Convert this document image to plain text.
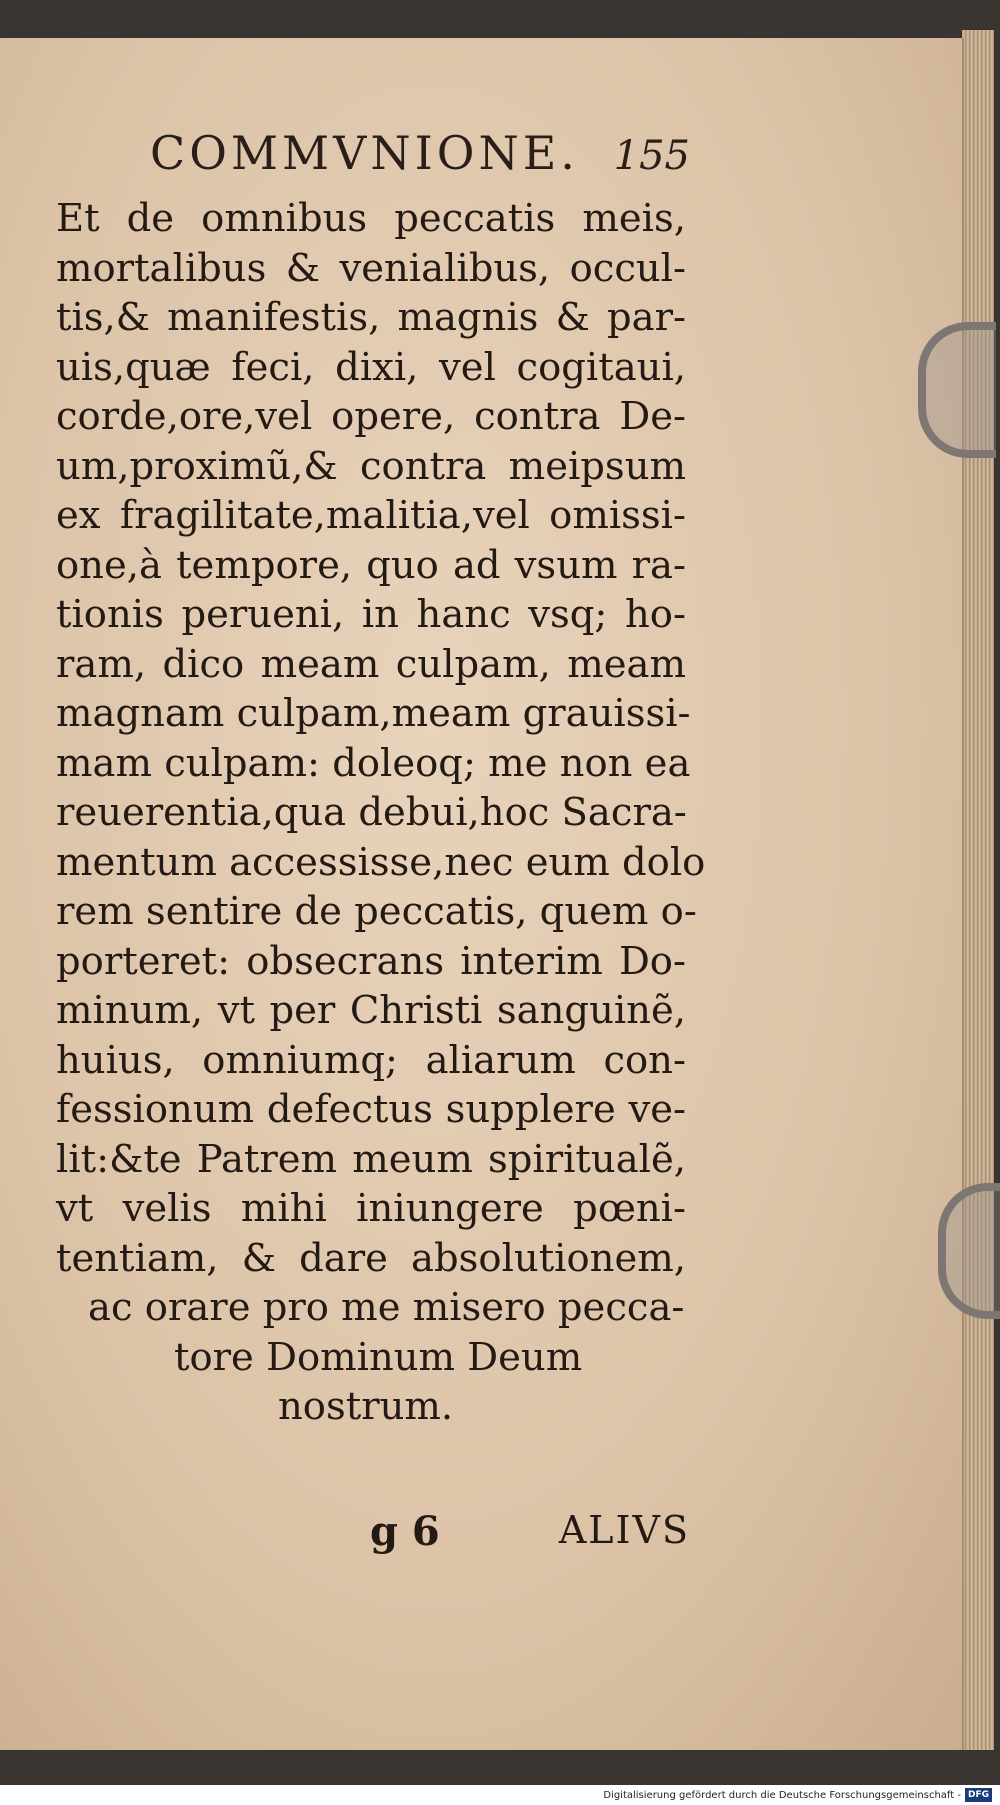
COMMVNIONE. 155
Et de omnibus peccatis meis,
mortalibus & venialibus, occul-
tis,& manifestis, magnis & par-
uis,quæ feci, dixi, vel cogitaui,
corde,ore,vel opere, contra De-
um,proximũ,& contra meipsum
ex fragilitate,malitia,vel omissi-
one,à tempore, quo ad vsum ra-
tionis perueni, in hanc vsq; ho-
ram, dico meam culpam, meam
magnam culpam,meam grauissi-
mam culpam: doleoq; me non ea
reuerentia,qua debui,hoc Sacra-
mentum accessisse,nec eum dolo
rem sentire de peccatis, quem o-
porteret: obsecrans interim Do-
minum, vt per Christi sanguinẽ,
huius, omniumq; aliarum con-
fessionum defectus supplere ve-
lit:&te Patrem meum spiritualẽ,
vt velis mihi iniungere pœni-
tentiam, & dare absolutionem,
ac orare pro me misero pecca-
tore Dominum Deum
nostrum.
g 6	ALIVS
Digitalisierung gefördert durch die Deutsche Forschungsgemeinschaft - DFG
